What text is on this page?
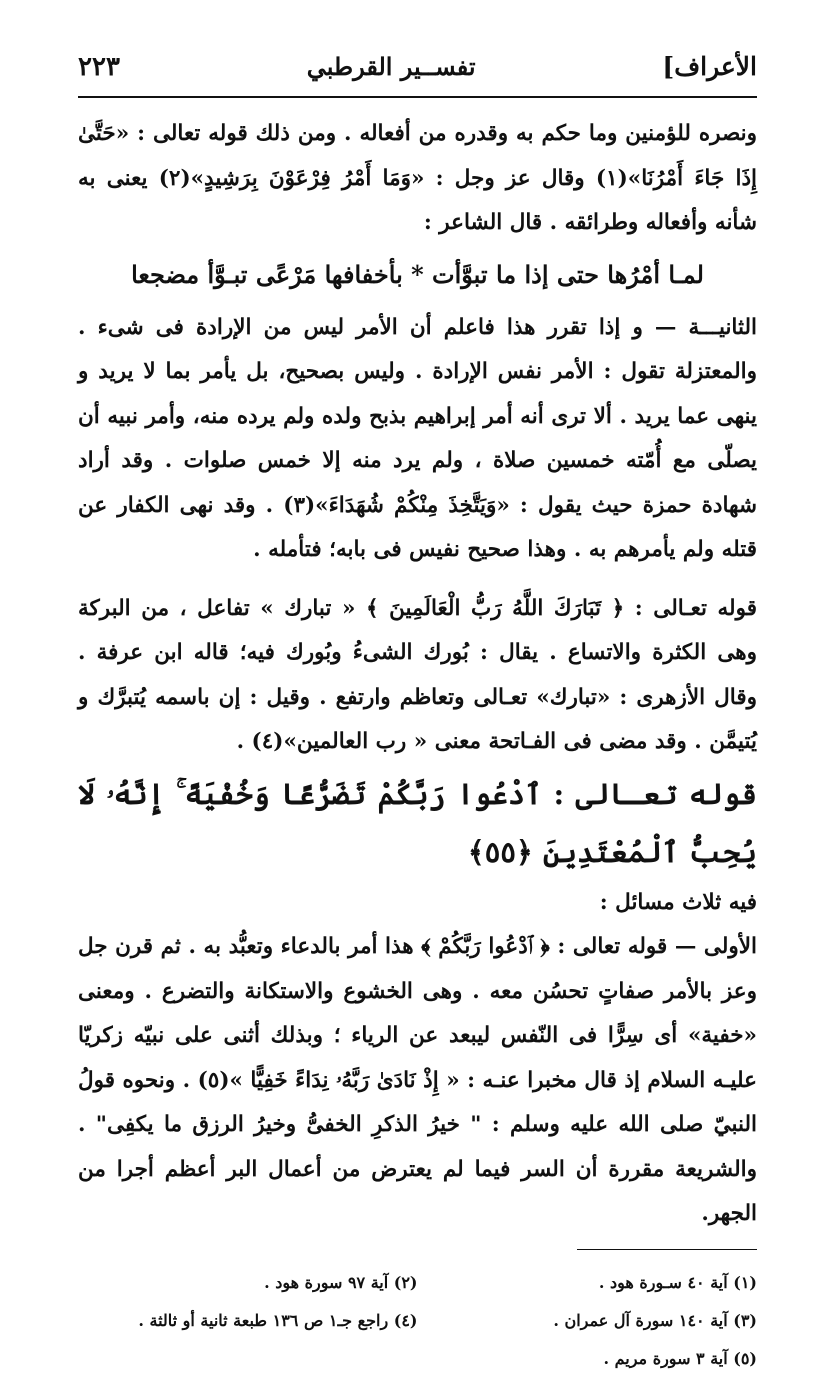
الأعراف]
تفســير القرطبي
٢٢٣

ونصره للؤمنين وما حكم به وقدره من أفعاله . ومن ذلك قوله تعالى : «حَتَّىٰ إِذَا جَاءَ أَمْرُنَا»(١) وقال عز وجل : «وَمَا أَمْرُ فِرْعَوْنَ بِرَشِيدٍ»(٢) يعنى به شأنه وأفعاله وطرائقه . قال الشاعر :

لمـا أمْرُها حتى إذا ما تبوَّأت * بأخفافها مَرْعًى تبـوَّأ مضجعا

الثانيـــة — و إذا تقرر هذا فاعلم أن الأمر ليس من الإرادة فى شىء . والمعتزلة تقول : الأمر نفس الإرادة . وليس بصحيح، بل يأمر بما لا يريد و ينهى عما يريد . ألا ترى أنه أمر إبراهيم بذبح ولده ولم يرده منه، وأمر نبيه أن يصلّى مع أُمّته خمسين صلاة ، ولم يرد منه إلا خمس صلوات . وقد أراد شهادة حمزة حيث يقول : «وَيَتَّخِذَ مِنْكُمْ شُهَدَاءَ»(٣) . وقد نهى الكفار عن قتله ولم يأمرهم به . وهذا صحيح نفيس فى بابه؛ فتأمله .

قوله تعـالى : ﴿ تَبَارَكَ اللَّهُ رَبُّ الْعَالَمِينَ ﴾ « تبارك » تفاعل ، من البركة وهى الكثرة والاتساع . يقال : بُورك الشىءُ وبُورك فيه؛ قاله ابن عرفة . وقال الأزهرى : «تبارك» تعـالى وتعاظم وارتفع . وقيل : إن باسمه يُتبرَّك و يُتيمَّن . وقد مضى فى الفـاتحة معنى « رب العالمين»(٤) .

قوله تعـالى : ٱدْعُوا رَبَّكُمْ تَضَرُّعًا وَخُفْيَةً ۚ إِنَّهُۥ لَا يُحِبُّ ٱلْمُعْتَدِينَ ﴿٥٥﴾

فيه ثلاث مسائل :

الأولى — قوله تعالى : ﴿ ٱدْعُوا رَبَّكُمْ ﴾ هذا أمر بالدعاء وتعبُّد به . ثم قرن جل وعز بالأمر صفاتٍ تحسُن معه . وهى الخشوع والاستكانة والتضرع . ومعنى «خفية» أى سِرًّا فى النّفس ليبعد عن الرياء ؛ وبذلك أثنى على نبيّه زكريّا عليـه السلام إذ قال مخبرا عنـه : « إِذْ نَادَىٰ رَبَّهُۥ نِدَاءً خَفِيًّا »(٥) . ونحوه قولُ النبيّ صلى الله عليه وسلم : " خيرُ الذكرِ الخفىُّ وخيرُ الرزق ما يكفِى" . والشريعة مقررة أن السر فيما لم يعترض من أعمال البر أعظم أجرا من الجهر.

(١) آية ٤٠ سـورة هود .
(٢) آية ٩٧ سورة هود .
(٣) آية ١٤٠ سورة آل عمران .
(٤) راجع جـ١ ص ١٣٦ طبعة ثانية أو ثالثة .
(٥) آية ٣ سورة مريم .
